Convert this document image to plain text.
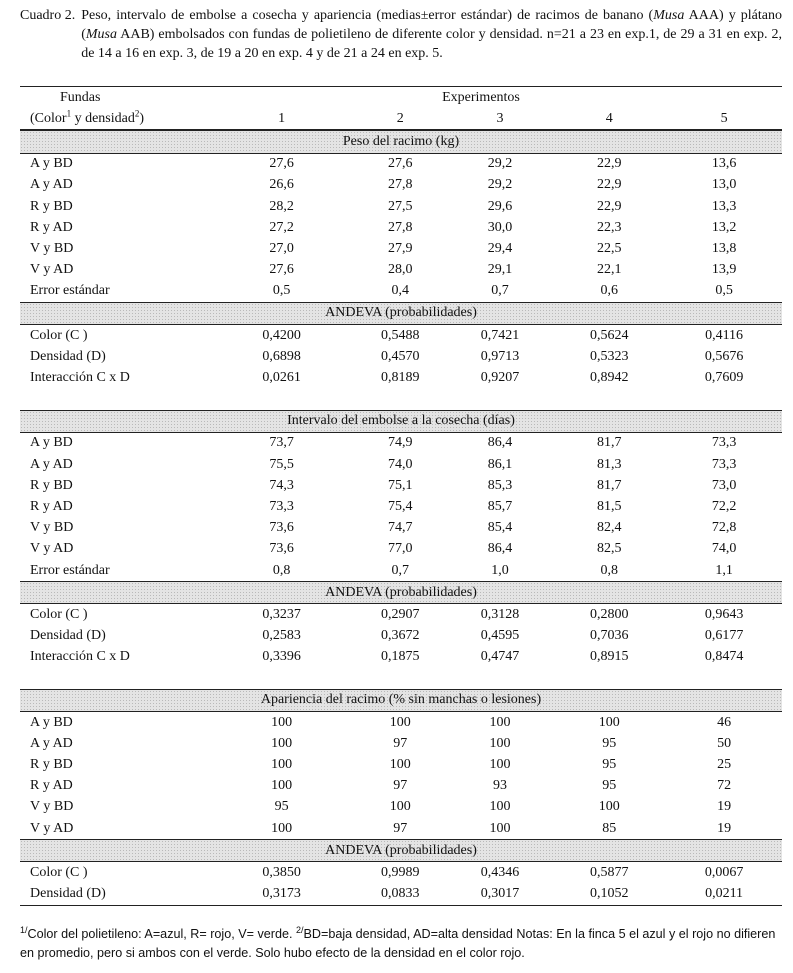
Cuadro 2. Peso, intervalo de embolse a cosecha y apariencia (medias±error estándar) de racimos de banano (Musa AAA) y plátano (Musa AAB) embolsados con fundas de polietileno de diferente color y densidad. n=21 a 23 en exp.1, de 29 a 31 en exp. 2, de 14 a 16 en exp. 3, de 19 a 20 en exp. 4 y de 21 a 24 en exp. 5.
Fundas	Experimentos
(Color$^1$ y densidad$^2$)	1	2	3	4	5
Peso del racimo (kg)
A y BD	27,6	27,6	29,2	22,9	13,6
A y AD	26,6	27,8	29,2	22,9	13,0
R y BD	28,2	27,5	29,6	22,9	13,3
R y AD	27,2	27,8	30,0	22,3	13,2
V y BD	27,0	27,9	29,4	22,5	13,8
V y AD	27,6	28,0	29,1	22,1	13,9
Error estándar	0,5	0,4	0,7	0,6	0,5
ANDEVA (probabilidades)
Color (C )	0,4200	0,5488	0,7421	0,5624	0,4116
Densidad (D)	0,6898	0,4570	0,9713	0,5323	0,5676
Interacción C x D	0,0261	0,8189	0,9207	0,8942	0,7609
Intervalo del embolse a la cosecha (días)
A y BD	73,7	74,9	86,4	81,7	73,3
A y AD	75,5	74,0	86,1	81,3	73,3
R y BD	74,3	75,1	85,3	81,7	73,0
R y AD	73,3	75,4	85,7	81,5	72,2
V y BD	73,6	74,7	85,4	82,4	72,8
V y AD	73,6	77,0	86,4	82,5	74,0
Error estándar	0,8	0,7	1,0	0,8	1,1
ANDEVA (probabilidades)
Color (C )	0,3237	0,2907	0,3128	0,2800	0,9643
Densidad (D)	0,2583	0,3672	0,4595	0,7036	0,6177
Interacción C x D	0,3396	0,1875	0,4747	0,8915	0,8474
Apariencia del racimo (% sin manchas o lesiones)
A y BD	100	100	100	100	46
A y AD	100	97	100	95	50
R y BD	100	100	100	95	25
R y AD	100	97	93	95	72
V y BD	95	100	100	100	19
V y AD	100	97	100	85	19
ANDEVA (probabilidades)
Color (C )	0,3850	0,9989	0,4346	0,5877	0,0067
Densidad (D)	0,3173	0,0833	0,3017	0,1052	0,0211
$^{1/}$Color del polietileno: A=azul, R= rojo, V= verde. $^{2/}$BD=baja densidad, AD=alta densidad Notas: En la finca 5 el azul y el rojo no difieren en promedio, pero si ambos con el verde. Solo hubo efecto de la densidad en el color rojo.
